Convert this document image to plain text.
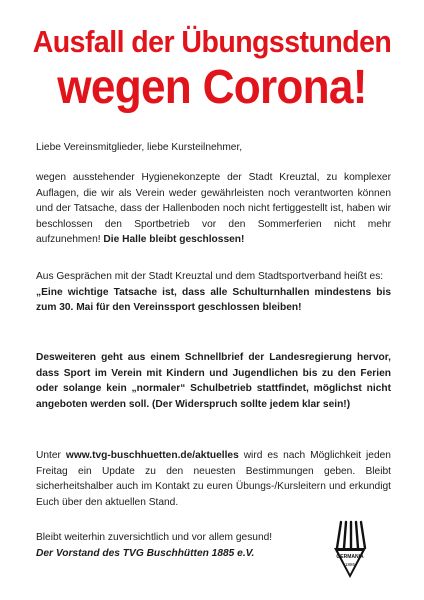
Ausfall der Übungsstunden
wegen Corona!

Liebe Vereinsmitglieder, liebe Kursteilnehmer,

wegen ausstehender Hygienekonzepte der Stadt Kreuztal, zu komplexer Auflagen, die wir als Verein weder gewährleisten noch verantworten können und der Tatsache, dass der Hallenboden noch nicht fertiggestellt ist, haben wir beschlossen den Sportbetrieb vor den Sommerferien nicht mehr aufzunehmen! Die Halle bleibt geschlossen!

Aus Gesprächen mit der Stadt Kreuztal und dem Stadtsportverband heißt es:

„Eine wichtige Tatsache ist, dass alle Schulturnhallen mindestens bis zum 30. Mai für den Vereinssport geschlossen bleiben!

Desweiteren geht aus einem Schnellbrief der Landesregierung hervor, dass Sport im Verein mit Kindern und Jugendlichen bis zu den Ferien oder solange kein „normaler“ Schulbetrieb stattfindet, möglichst nicht angeboten werden soll. (Der Widerspruch sollte jedem klar sein!)

Unter www.tvg-buschhuetten.de/aktuelles wird es nach Möglichkeit jeden Freitag ein Update zu den neuesten Bestimmungen geben. Bleibt sicherheitshalber auch im Kontakt zu euren Übungs-/Kursleitern und erkundigt Euch über den aktuellen Stand.

Bleibt weiterhin zuversichtlich und vor allem gesund!

Der Vorstand des TVG Buschhütten 1885 e.V.	GERMANIA
1885
